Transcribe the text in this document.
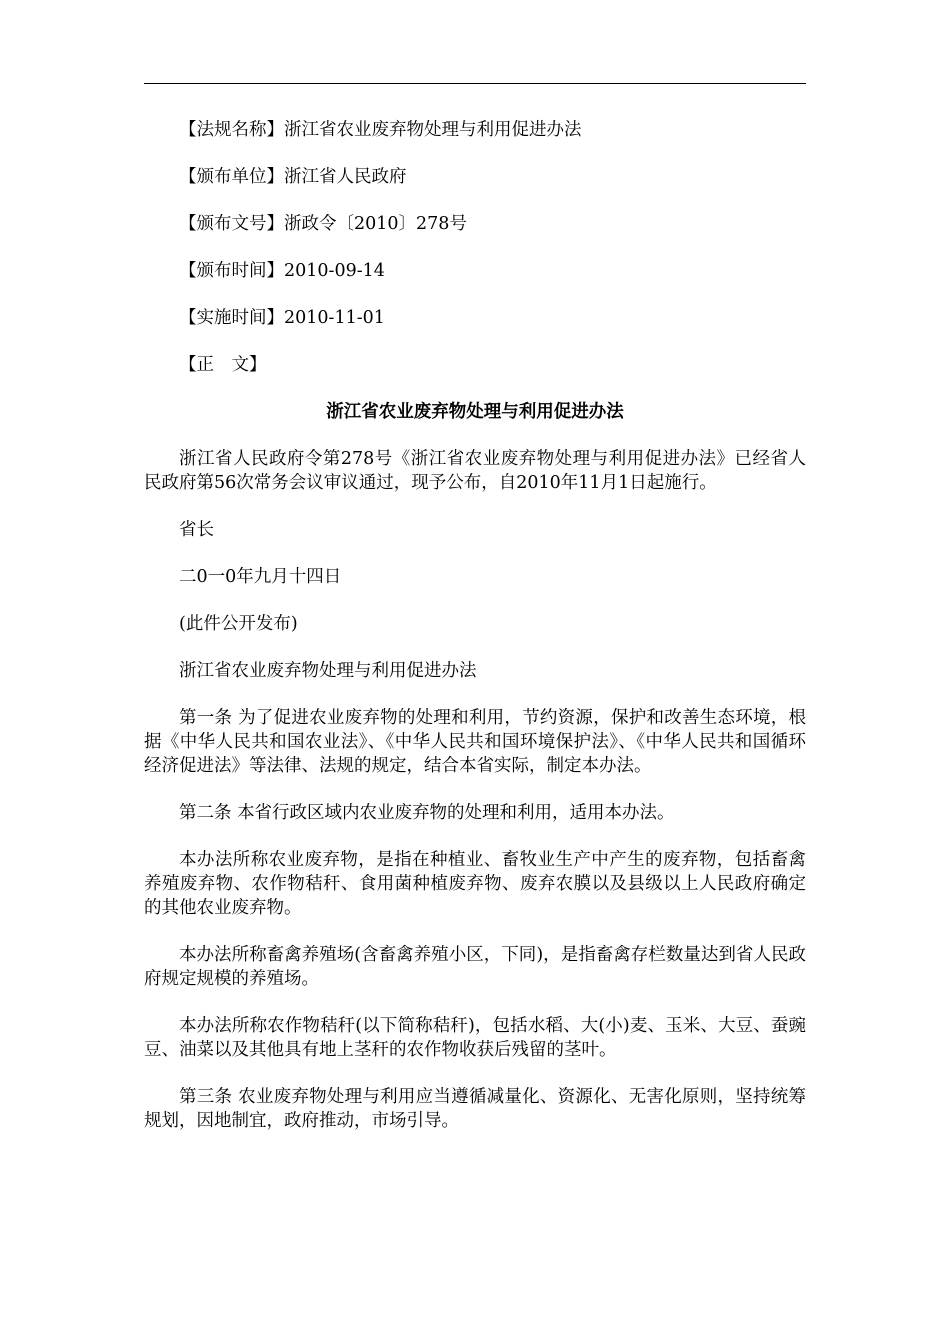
【法规名称】浙江省农业废弃物处理与利用促进办法

【颁布单位】浙江省人民政府

【颁布文号】浙政令〔2010〕278号

【颁布时间】2010-09-14

【实施时间】2010-11-01

【正　文】

浙江省农业废弃物处理与利用促进办法

浙江省人民政府令第278号《浙江省农业废弃物处理与利用促进办法》已经省人民政府第56次常务会议审议通过，现予公布，自2010年11月1日起施行。

省长

二0一0年九月十四日

(此件公开发布)

浙江省农业废弃物处理与利用促进办法

第一条 为了促进农业废弃物的处理和利用，节约资源，保护和改善生态环境，根据《中华人民共和国农业法》、《中华人民共和国环境保护法》、《中华人民共和国循环经济促进法》等法律、法规的规定，结合本省实际，制定本办法。

第二条 本省行政区域内农业废弃物的处理和利用，适用本办法。

本办法所称农业废弃物，是指在种植业、畜牧业生产中产生的废弃物，包括畜禽养殖废弃物、农作物秸秆、食用菌种植废弃物、废弃农膜以及县级以上人民政府确定的其他农业废弃物。

本办法所称畜禽养殖场(含畜禽养殖小区，下同)，是指畜禽存栏数量达到省人民政府规定规模的养殖场。

本办法所称农作物秸秆(以下简称秸秆)，包括水稻、大(小)麦、玉米、大豆、蚕豌豆、油菜以及其他具有地上茎秆的农作物收获后残留的茎叶。

第三条 农业废弃物处理与利用应当遵循减量化、资源化、无害化原则，坚持统筹规划，因地制宜，政府推动，市场引导。
